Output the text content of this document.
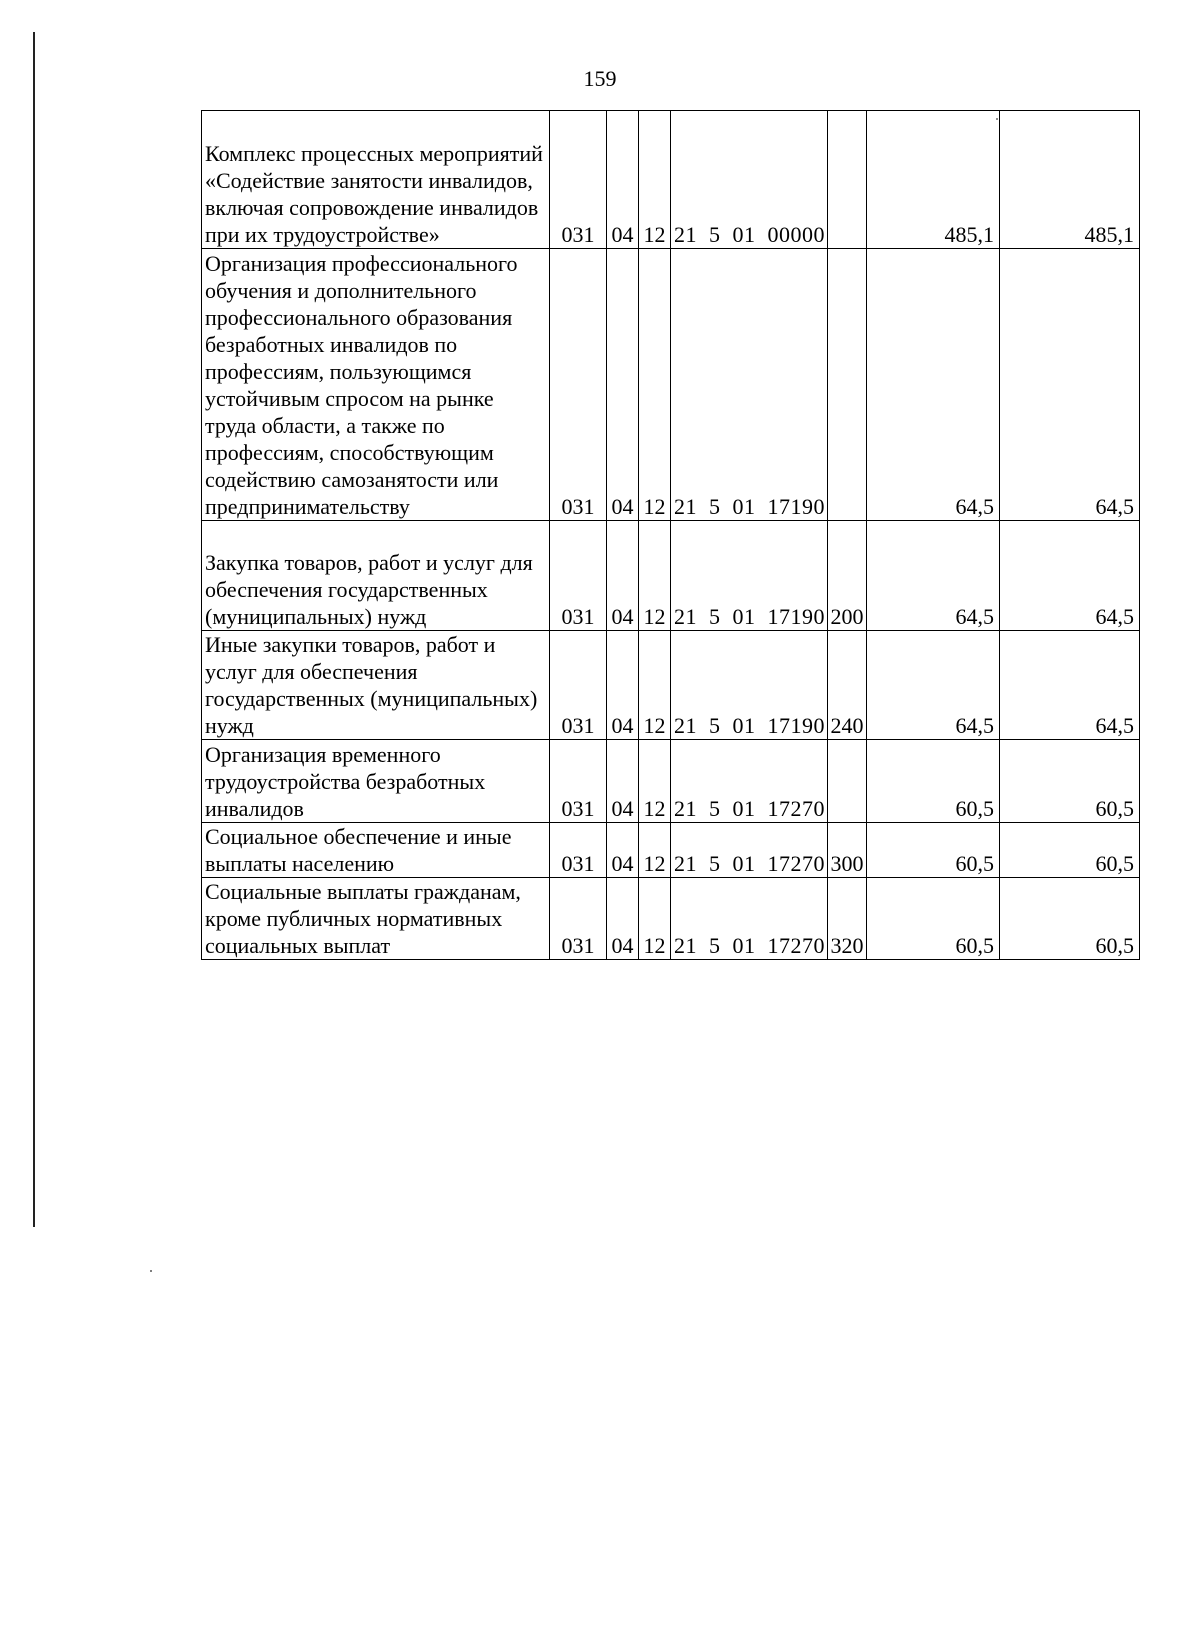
159
Комплекс процессных мероприятий «Содействие занятости инвалидов, включая сопровождение инвалидов при их трудоустройстве»	031	04	12	21 5 01 00000		485,1	485,1
Организация профессионального обучения и дополнительного профессионального образования безработных инвалидов по профессиям, пользующимся устойчивым спросом на рынке труда области, а также по профессиям, способствующим содействию самозанятости или предпринимательству	031	04	12	21 5 01 17190		64,5	64,5
Закупка товаров, работ и услуг для обеспечения государственных (муниципальных) нужд	031	04	12	21 5 01 17190	200	64,5	64,5
Иные закупки товаров, работ и услуг для обеспечения государственных (муниципальных) нужд	031	04	12	21 5 01 17190	240	64,5	64,5
Организация временного трудоустройства безработных инвалидов	031	04	12	21 5 01 17270		60,5	60,5
Социальное обеспечение и иные выплаты населению	031	04	12	21 5 01 17270	300	60,5	60,5
Социальные выплаты гражданам, кроме публичных нормативных социальных выплат	031	04	12	21 5 01 17270	320	60,5	60,5
